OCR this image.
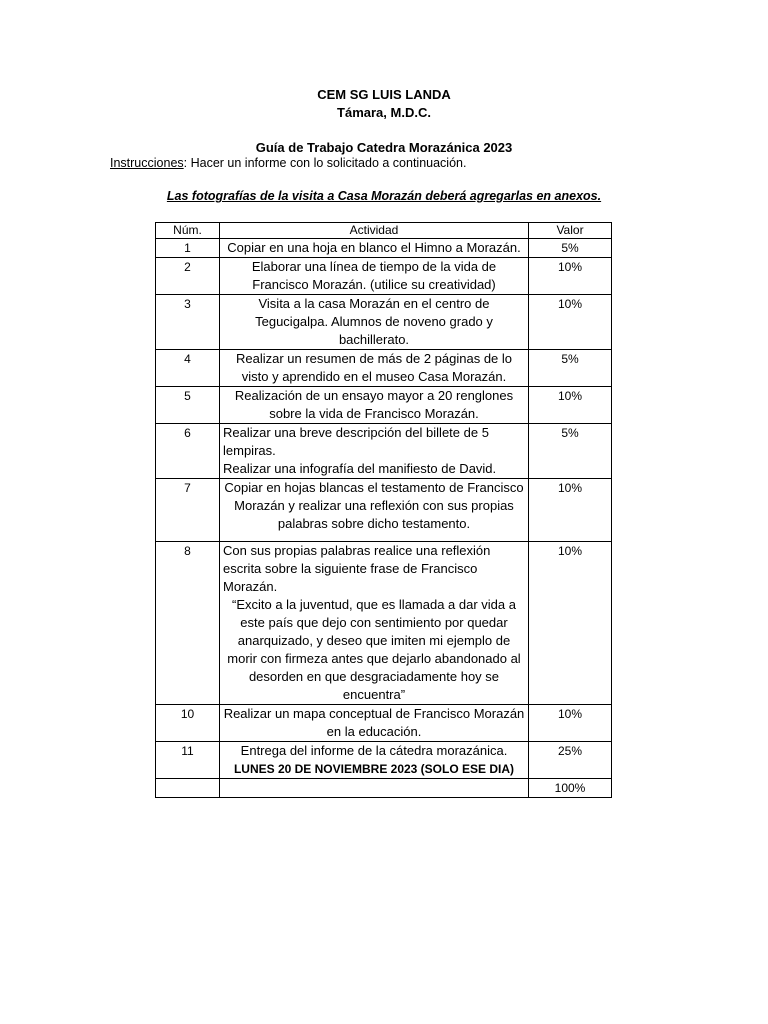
CEM SG LUIS LANDA
Támara, M.D.C.
Guía de Trabajo Catedra Morazánica 2023
Instrucciones: Hacer un informe con lo solicitado a continuación.
Las fotografías de la visita a Casa Morazán deberá agregarlas en anexos.
Núm.	Actividad	Valor
1	Copiar en una hoja en blanco el Himno a Morazán.	5%
2	Elaborar una línea de tiempo de la vida de Francisco Morazán. (utilice su creatividad)	10%
3	Visita a la casa Morazán en el centro de Tegucigalpa. Alumnos de noveno grado y bachillerato.	10%
4	Realizar un resumen de más de 2 páginas de lo visto y aprendido en el museo Casa Morazán.	5%
5	Realización de un ensayo mayor a 20 renglones sobre la vida de Francisco Morazán.	10%
6	Realizar una breve descripción del billete de 5 lempiras.
Realizar una infografía del manifiesto de David.	5%
7	Copiar en hojas blancas el testamento de Francisco Morazán y realizar una reflexión con sus propias palabras sobre dicho testamento.	10%
8	Con sus propias palabras realice una reflexión escrita sobre la siguiente frase de Francisco Morazán.
“Excito a la juventud, que es llamada a dar vida a este país que dejo con sentimiento por quedar anarquizado, y deseo que imiten mi ejemplo de morir con firmeza antes que dejarlo abandonado al desorden en que desgraciadamente hoy se encuentra”	10%
10	Realizar un mapa conceptual de Francisco Morazán en la educación.	10%
11	Entrega del informe de la cátedra morazánica.
LUNES 20 DE NOVIEMBRE 2023 (SOLO ESE DIA)	25%
		100%
